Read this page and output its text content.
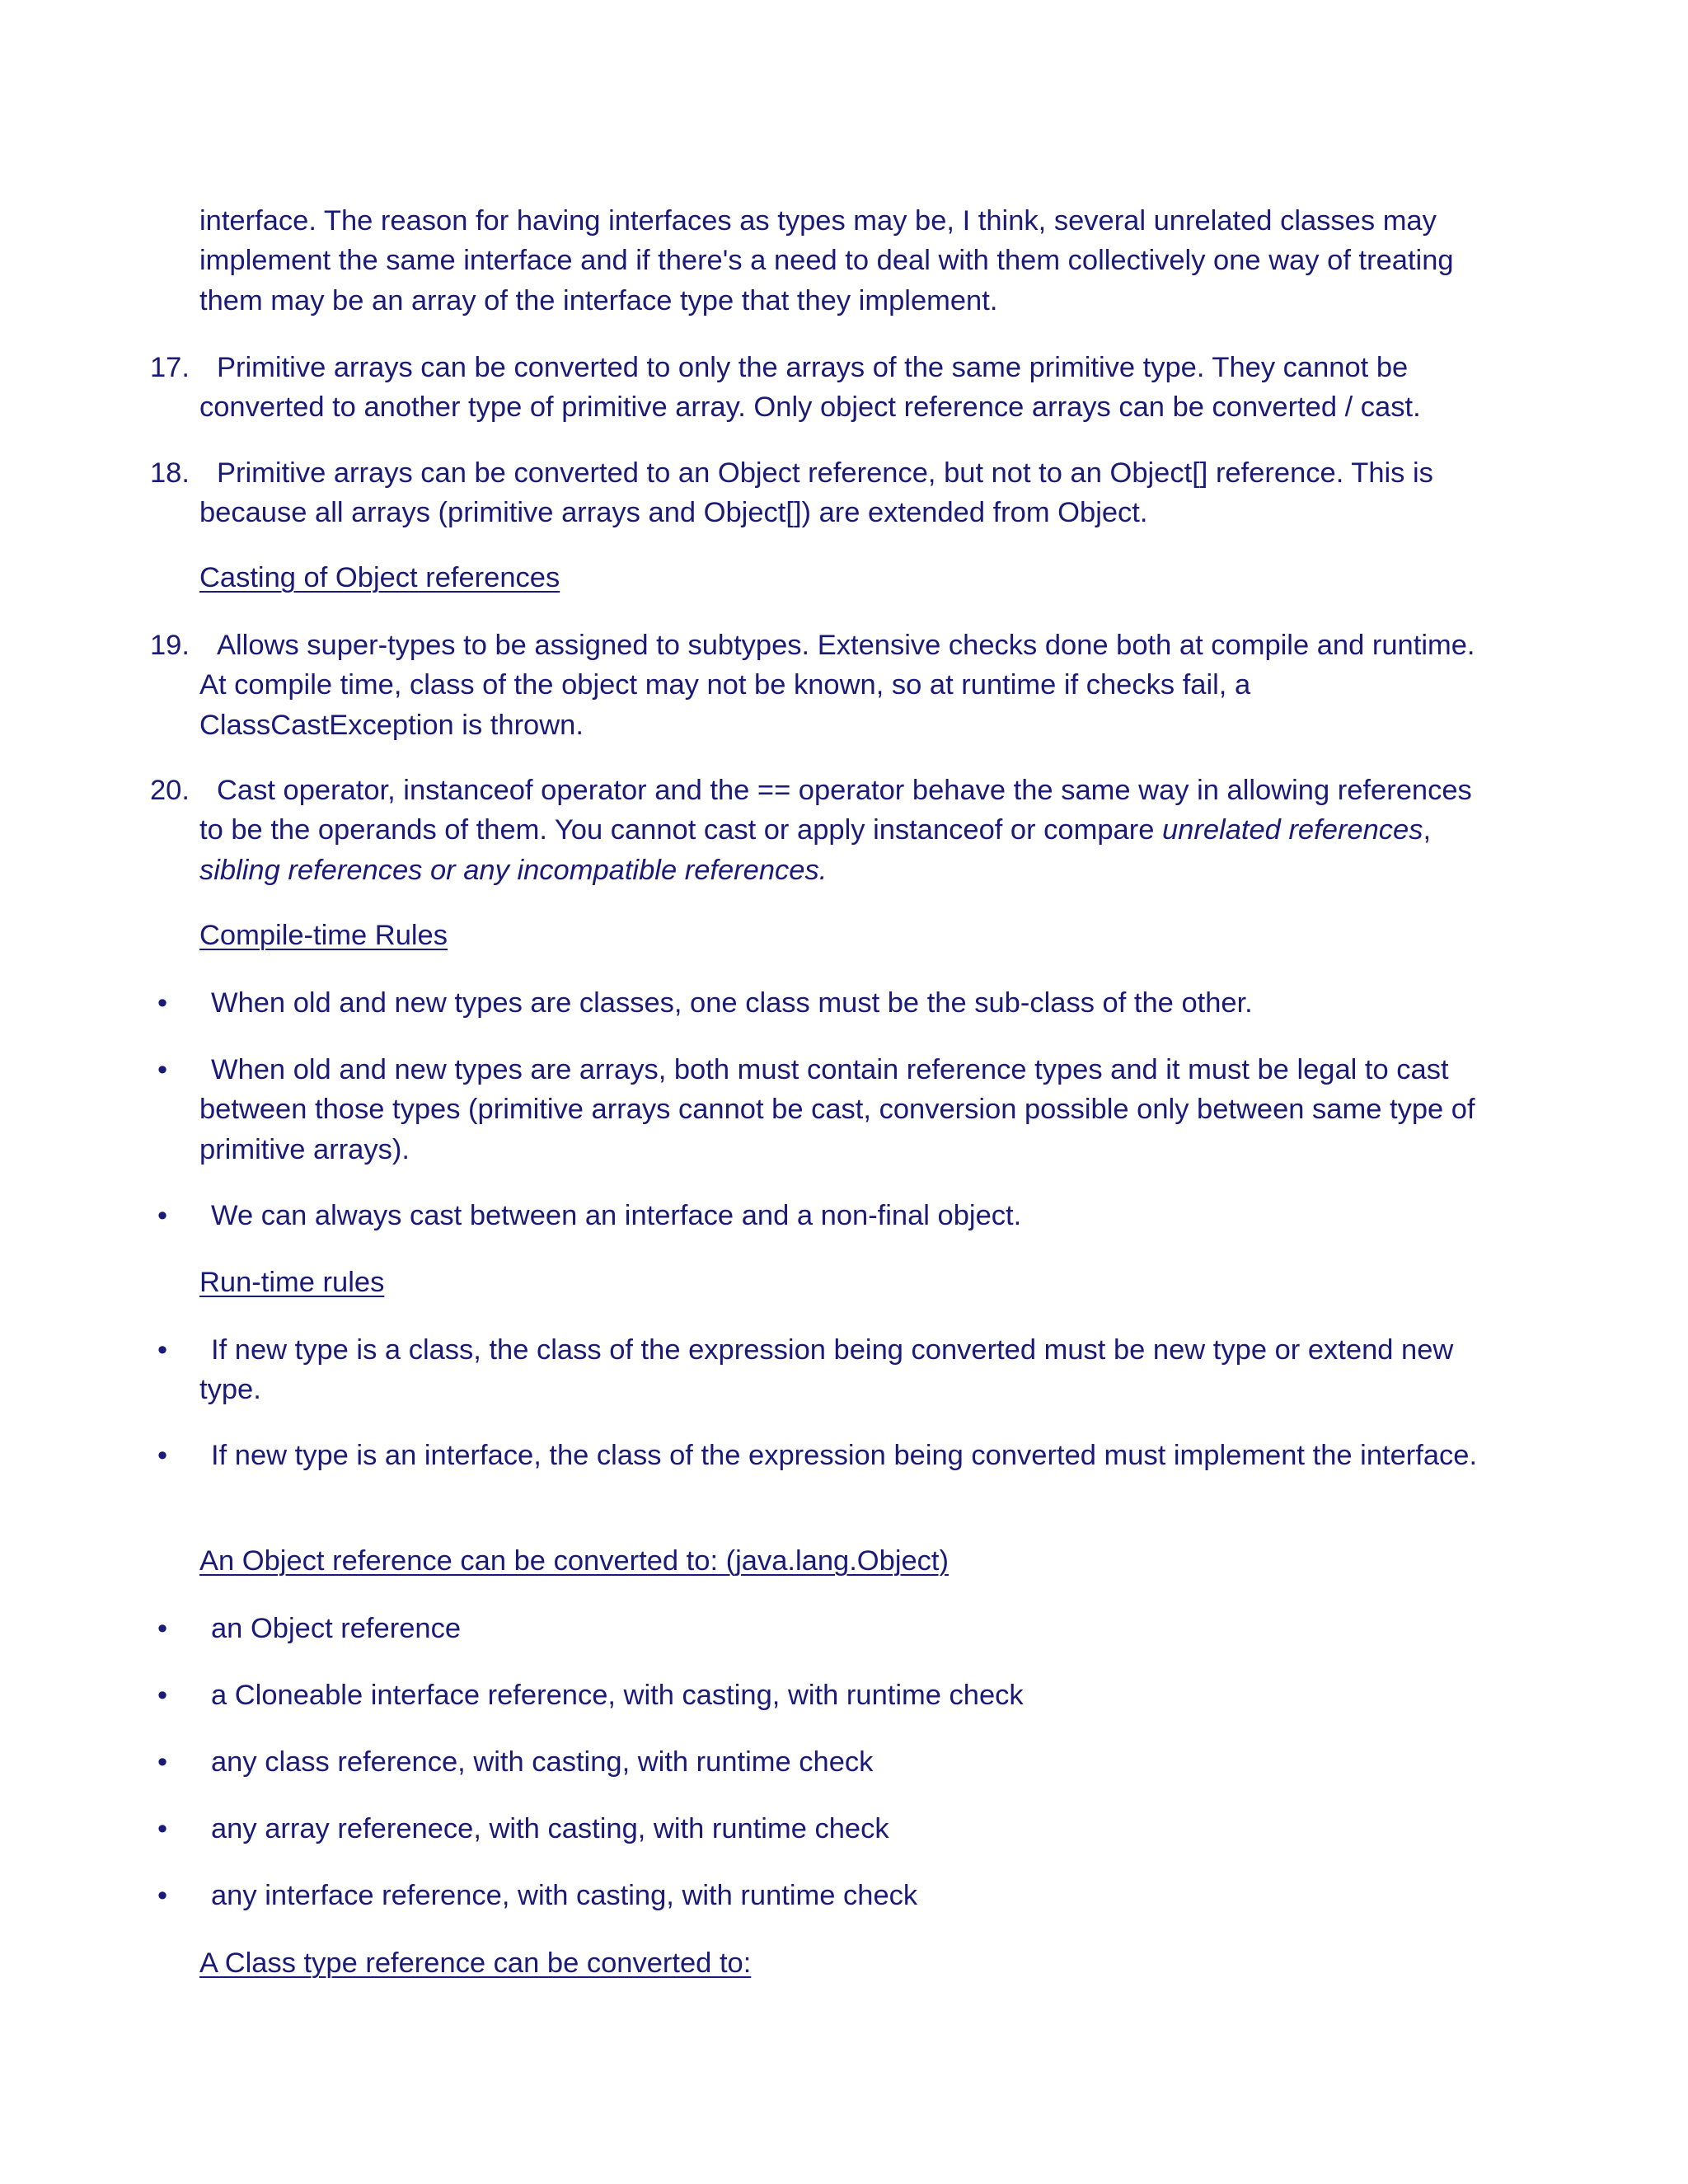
interface. The reason for having interfaces as types may be, I think, several unrelated classes may implement the same interface and if there's a need to deal with them collectively one way of treating them may be an array of the interface type that they implement.

17. Primitive arrays can be converted to only the arrays of the same primitive type. They cannot be converted to another type of primitive array. Only object reference arrays can be converted / cast.
18. Primitive arrays can be converted to an Object reference, but not to an Object[] reference. This is because all arrays (primitive arrays and Object[]) are extended from Object.
Casting of Object references
19. Allows super-types to be assigned to subtypes. Extensive checks done both at compile and runtime. At compile time, class of the object may not be known, so at runtime if checks fail, a ClassCastException is thrown.
20. Cast operator, instanceof operator and the == operator behave the same way in allowing references to be the operands of them. You cannot cast or apply instanceof or compare unrelated references, sibling references or any incompatible references.
Compile-time Rules
• When old and new types are classes, one class must be the sub-class of the other.
• When old and new types are arrays, both must contain reference types and it must be legal to cast between those types (primitive arrays cannot be cast, conversion possible only between same type of primitive arrays).
• We can always cast between an interface and a non-final object.
Run-time rules
• If new type is a class, the class of the expression being converted must be new type or extend new type.
• If new type is an interface, the class of the expression being converted must implement the interface.
An Object reference can be converted to: (java.lang.Object)
• an Object reference
• a Cloneable interface reference, with casting, with runtime check
• any class reference, with casting, with runtime check
• any array referenece, with casting, with runtime check
• any interface reference, with casting, with runtime check
A Class type reference can be converted to:
